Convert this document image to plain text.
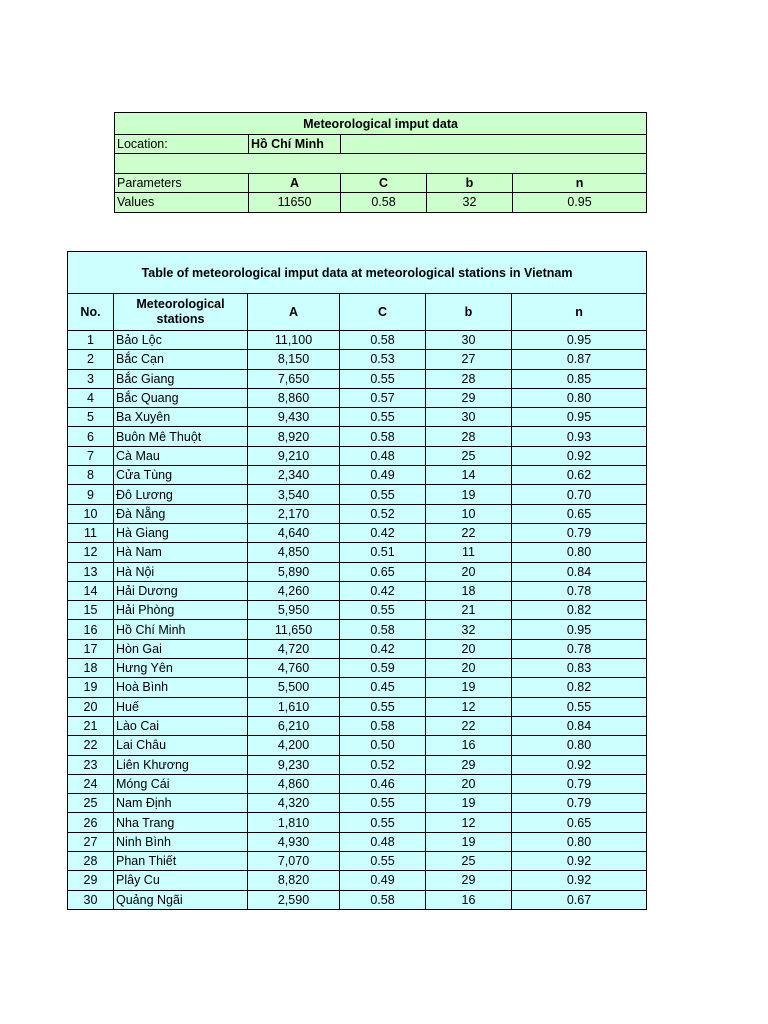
Meteorological imput data				
Location:	Hồ Chí Minh			

Parameters	A	C	b	n
Values	11650	0.58	32	0.95
Table of meteorological imput data at meteorological stations in Vietnam					
No.	Meteorological stations	A	C	b	n
1	Bảo Lộc	11,100	0.58	30	0.95
2	Bắc Cạn	8,150	0.53	27	0.87
3	Bắc Giang	7,650	0.55	28	0.85
4	Bắc Quang	8,860	0.57	29	0.80
5	Ba Xuyên	9,430	0.55	30	0.95
6	Buôn Mê Thuột	8,920	0.58	28	0.93
7	Cà Mau	9,210	0.48	25	0.92
8	Cửa Tùng	2,340	0.49	14	0.62
9	Đô Lương	3,540	0.55	19	0.70
10	Đà Nẵng	2,170	0.52	10	0.65
11	Hà Giang	4,640	0.42	22	0.79
12	Hà Nam	4,850	0.51	11	0.80
13	Hà Nội	5,890	0.65	20	0.84
14	Hải Dương	4,260	0.42	18	0.78
15	Hải Phòng	5,950	0.55	21	0.82
16	Hồ Chí Minh	11,650	0.58	32	0.95
17	Hòn Gai	4,720	0.42	20	0.78
18	Hưng Yên	4,760	0.59	20	0.83
19	Hoà Bình	5,500	0.45	19	0.82
20	Huế	1,610	0.55	12	0.55
21	Lào Cai	6,210	0.58	22	0.84
22	Lai Châu	4,200	0.50	16	0.80
23	Liên Khương	9,230	0.52	29	0.92
24	Móng Cái	4,860	0.46	20	0.79
25	Nam Định	4,320	0.55	19	0.79
26	Nha Trang	1,810	0.55	12	0.65
27	Ninh Bình	4,930	0.48	19	0.80
28	Phan Thiết	7,070	0.55	25	0.92
29	Plây Cu	8,820	0.49	29	0.92
30	Quảng Ngãi	2,590	0.58	16	0.67
